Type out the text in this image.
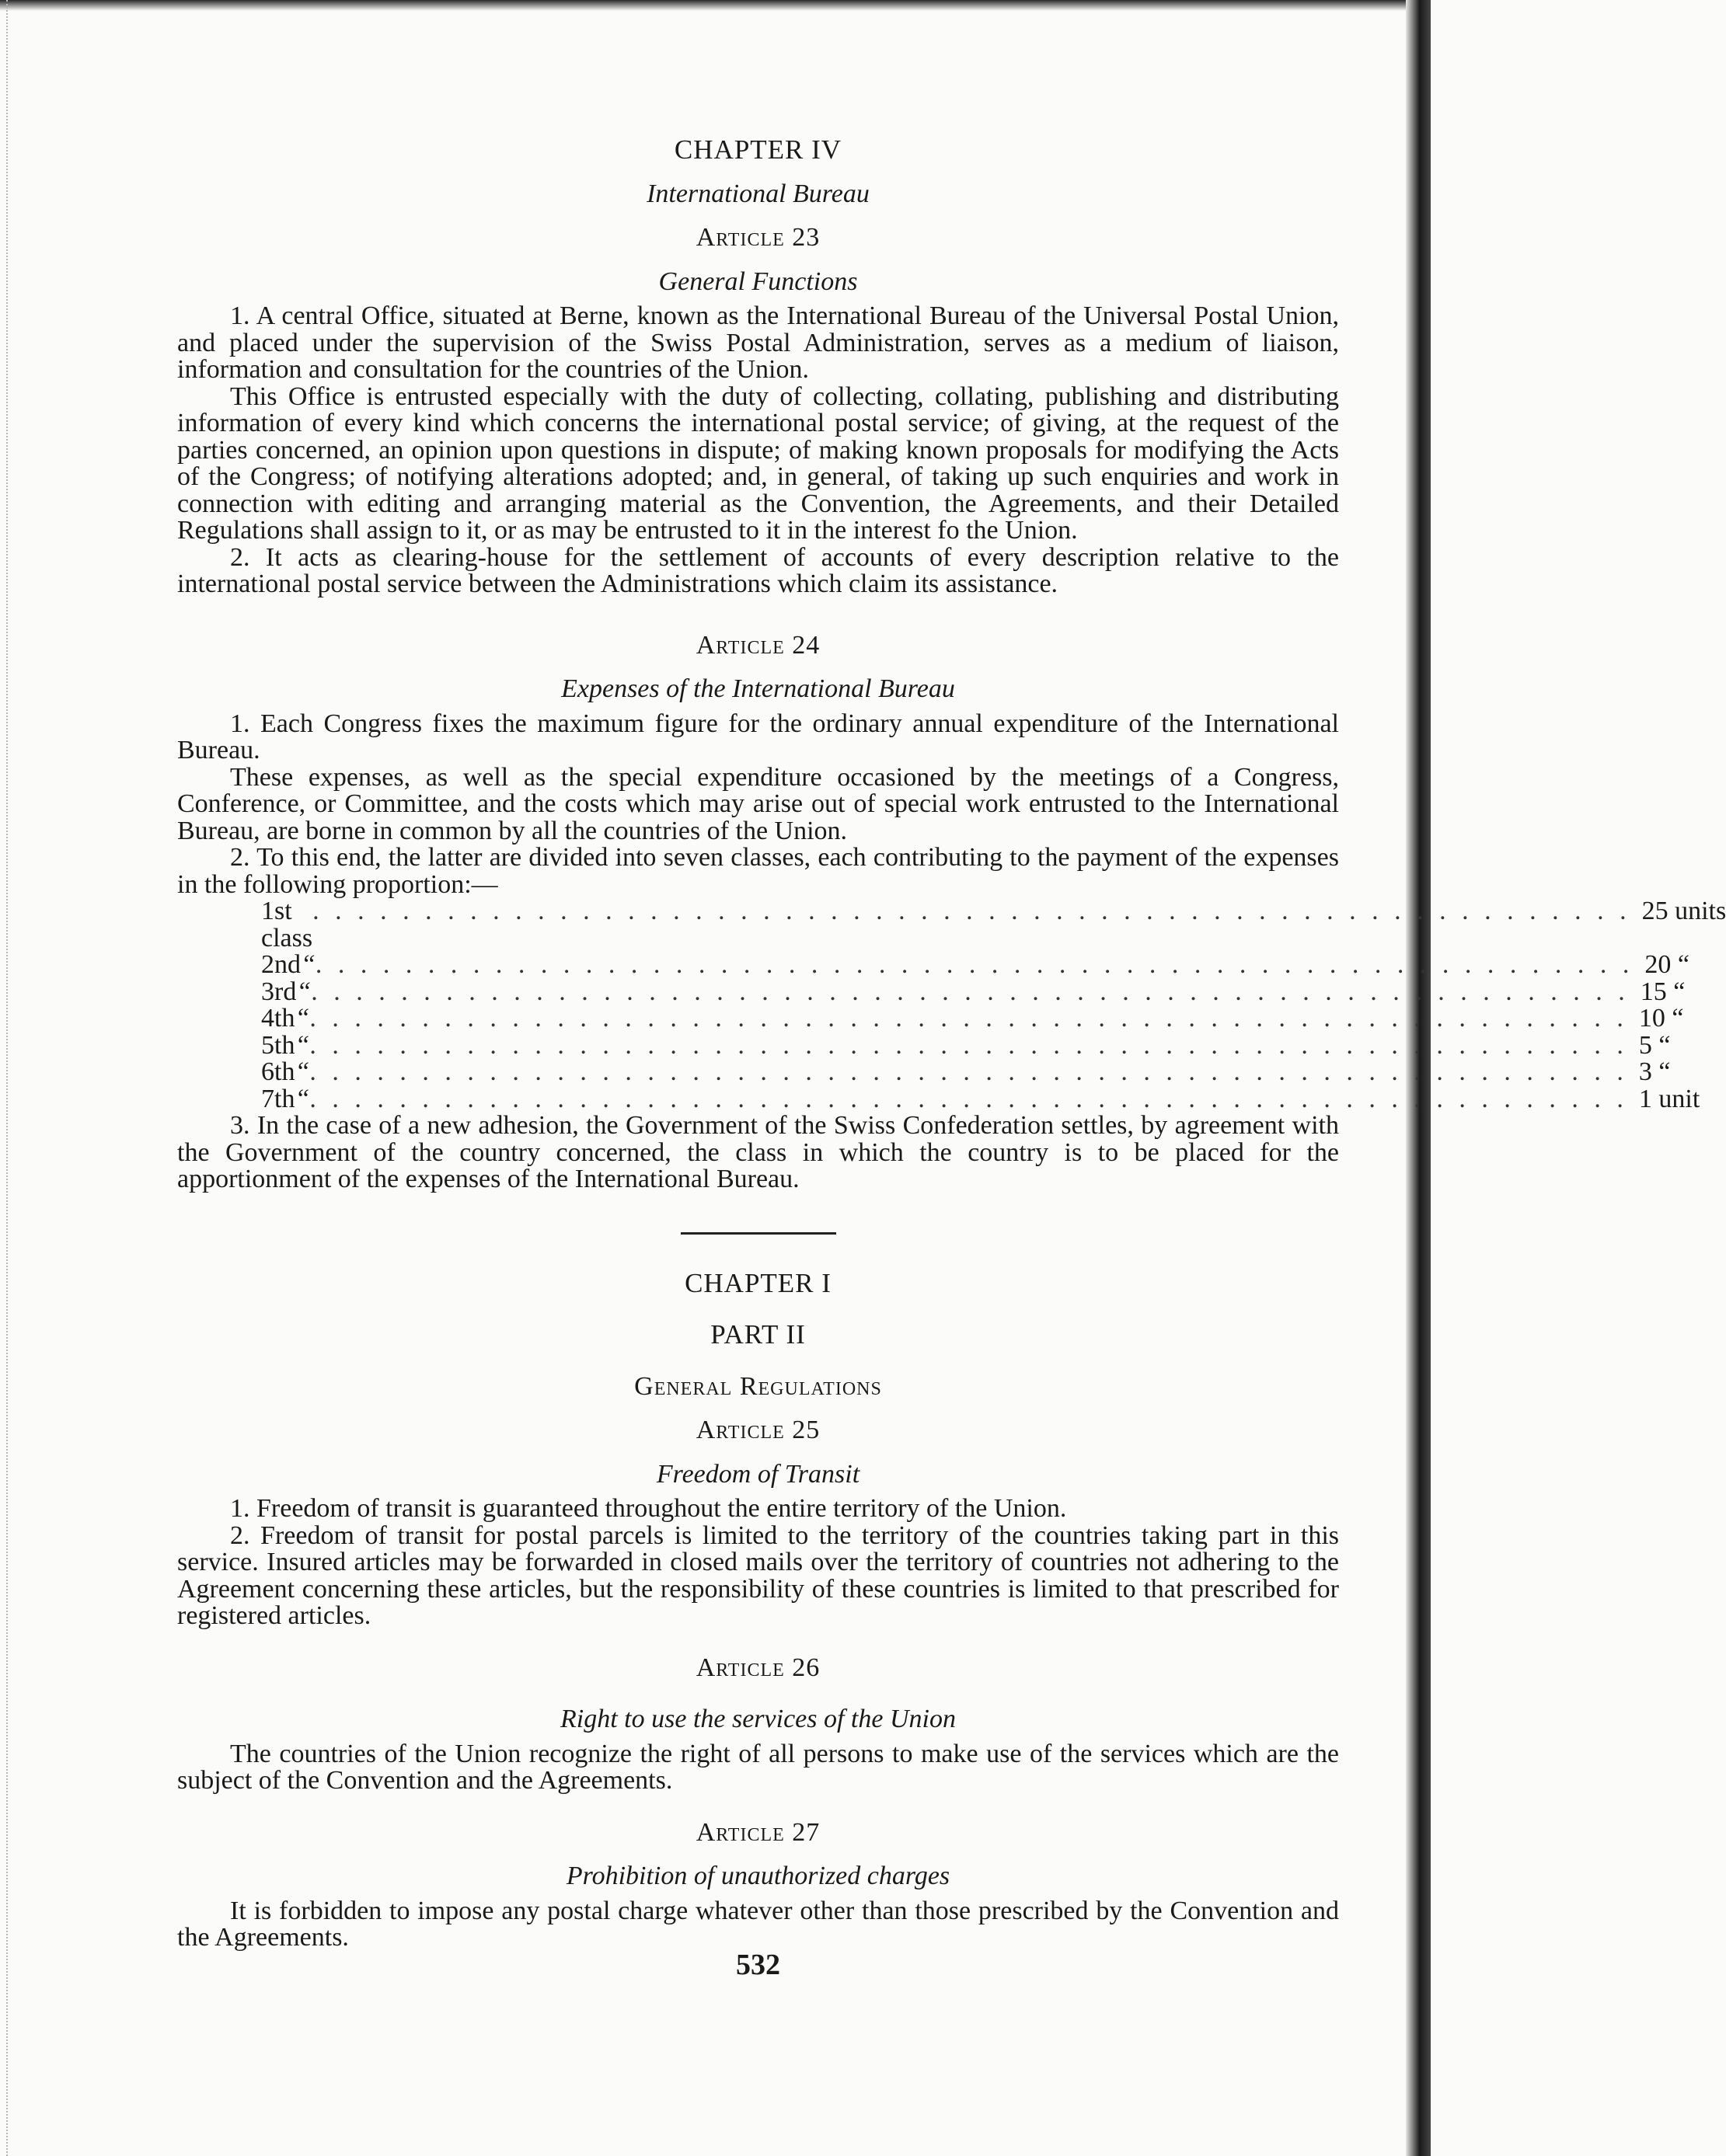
CHAPTER IV
International Bureau
Article 23
General Functions

1. A central Office, situated at Berne, known as the International Bureau of the Universal Postal Union, and placed under the supervision of the Swiss Postal Administration, serves as a medium of liaison, information and consultation for the countries of the Union.

This Office is entrusted especially with the duty of collecting, collating, publishing and distributing information of every kind which concerns the international postal service; of giving, at the request of the parties concerned, an opinion upon questions in dispute; of making known proposals for modifying the Acts of the Congress; of notifying alterations adopted; and, in general, of taking up such enquiries and work in connection with editing and arranging material as the Convention, the Agreements, and their Detailed Regulations shall assign to it, or as may be entrusted to it in the interest fo the Union.

2. It acts as clearing-house for the settlement of accounts of every description relative to the international postal service between the Administrations which claim its assistance.

Article 24
Expenses of the International Bureau

1. Each Congress fixes the maximum figure for the ordinary annual expenditure of the International Bureau.

These expenses, as well as the special expenditure occasioned by the meetings of a Congress, Conference, or Committee, and the costs which may arise out of special work entrusted to the International Bureau, are borne in common by all the countries of the Union.

2. To this end, the latter are divided into seven classes, each contributing to the payment of the expenses in the following proportion:—

1st class
. . . . . . . . . . . . . . . . . . . . . . . . . . . . . . . . . . . . . . . . . . . . . . . . . . . . . . . . . . . 25 units
2nd “ . . . . . . . . . . . . . . . . . . . . . . . . . . . . . . . . . . . . . . . . . . . . . . . . . . . . . . . . . . . 20 “
3rd “ . . . . . . . . . . . . . . . . . . . . . . . . . . . . . . . . . . . . . . . . . . . . . . . . . . . . . . . . . . . 15 “
4th “ . . . . . . . . . . . . . . . . . . . . . . . . . . . . . . . . . . . . . . . . . . . . . . . . . . . . . . . . . . . 10 “
5th “ . . . . . . . . . . . . . . . . . . . . . . . . . . . . . . . . . . . . . . . . . . . . . . . . . . . . . . . . . . . 5 “
6th “ . . . . . . . . . . . . . . . . . . . . . . . . . . . . . . . . . . . . . . . . . . . . . . . . . . . . . . . . . . . 3 “
7th “ . . . . . . . . . . . . . . . . . . . . . . . . . . . . . . . . . . . . . . . . . . . . . . . . . . . . . . . . . . . 1 unit

3. In the case of a new adhesion, the Government of the Swiss Confederation settles, by agreement with the Government of the country concerned, the class in which the country is to be placed for the apportionment of the expenses of the International Bureau.

CHAPTER I
PART II
General Regulations
Article 25
Freedom of Transit

1. Freedom of transit is guaranteed throughout the entire territory of the Union.

2. Freedom of transit for postal parcels is limited to the territory of the countries taking part in this service. Insured articles may be forwarded in closed mails over the territory of countries not adhering to the Agreement concerning these articles, but the responsibility of these countries is limited to that prescribed for registered articles.

Article 26
Right to use the services of the Union

The countries of the Union recognize the right of all persons to make use of the services which are the subject of the Convention and the Agreements.

Article 27
Prohibition of unauthorized charges

It is forbidden to impose any postal charge whatever other than those prescribed by the Convention and the Agreements.

532
